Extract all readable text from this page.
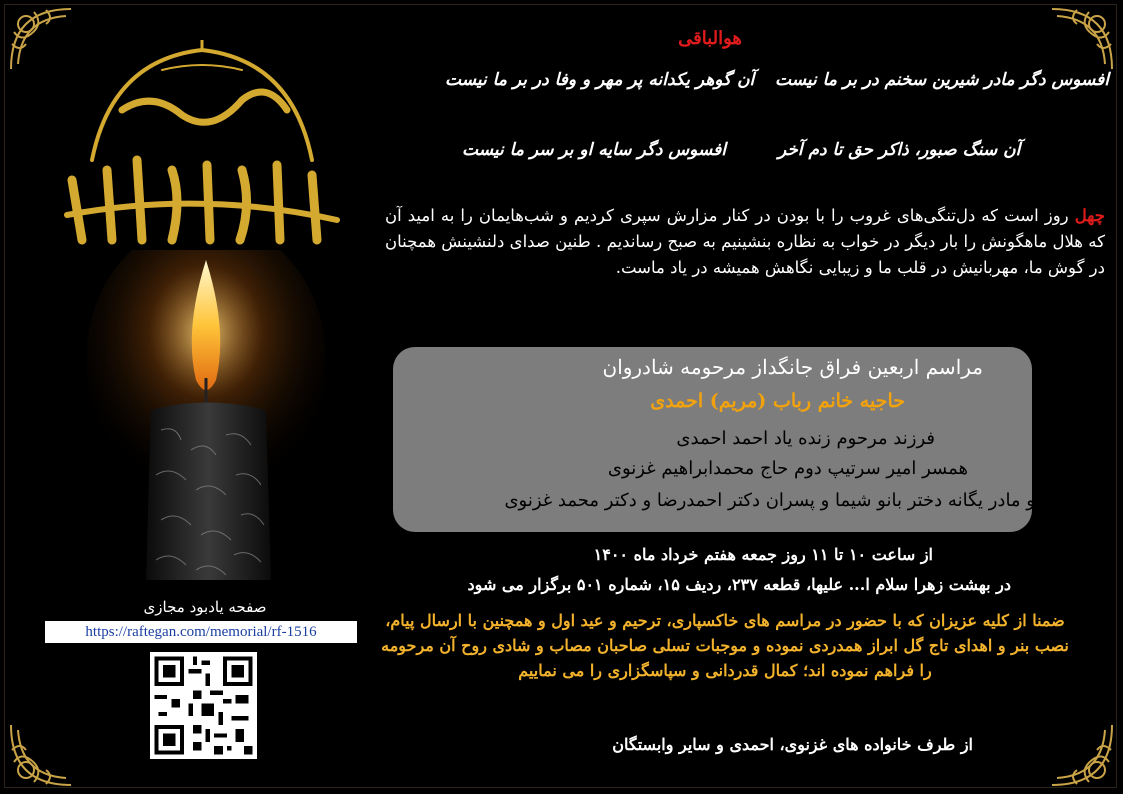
صفحه یادبود مجازی
https://raftegan.com/memorial/rf-1516
هوالباقی
افسوس دگر مادر شیرین سخنم در بر ما نیست
آن گوهر یکدانه پر مهر و وفا در بر ما نیست
آن سنگ صبور، ذاکر حق تا دم آخر
افسوس دگر سایه او بر سر ما نیست
چهل روز است که دل‌تنگی‌های غروب را با بودن در کنار مزارش سپری کردیم و شب‌هایمان را به امید آن که هلال ماهگونش را بار دیگر در خواب به نظاره بنشینیم به صبح رساندیم . طنین صدای دلنشینش همچنان در گوش ما، مهربانیش در قلب ما و زیبایی نگاهش همیشه در یاد ماست.
مراسم اربعین فراق جانگداز مرحومه شادروان
حاجیه خانم رباب (مریم) احمدی
فرزند مرحوم زنده یاد احمد احمدی
همسر امیر سرتیپ دوم حاج محمدابراهیم غزنوی
و مادر یگانه دختر بانو شیما و پسران دکتر احمدرضا و دکتر محمد غزنوی
از ساعت ۱۰ تا ۱۱ روز جمعه هفتم خرداد ماه ۱۴۰۰
در بهشت زهرا سلام ا... علیها، قطعه ۲۳۷، ردیف ۱۵، شماره ۵۰۱ برگزار می شود
ضمنا از کلیه عزیزان که با حضور در مراسم های خاکسپاری، ترحیم و عید اول و همچنین با ارسال پیام، نصب بنر و اهدای تاج گل ابراز همدردی نموده و موجبات تسلی صاحبان مصاب و شادی روح آن مرحومه را فراهم نموده اند؛ کمال قدردانی و سپاسگزاری را می نماییم
از طرف خانواده های غزنوی، احمدی و سایر وابستگان
